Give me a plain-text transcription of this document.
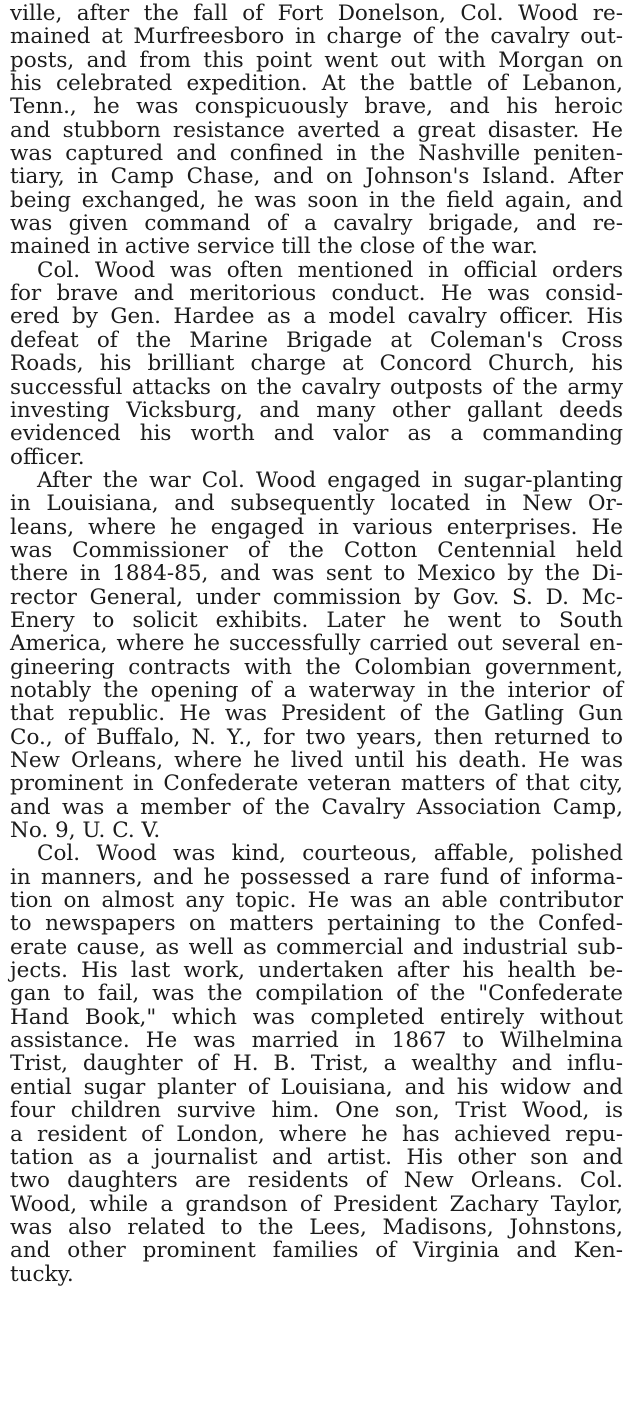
ville, after the fall of Fort Donelson, Col. Wood re-
mained at Murfreesboro in charge of the cavalry out-
posts, and from this point went out with Morgan on
his celebrated expedition. At the battle of Lebanon,
Tenn., he was conspicuously brave, and his heroic
and stubborn resistance averted a great disaster. He
was captured and confined in the Nashville peniten-
tiary, in Camp Chase, and on Johnson's Island. After
being exchanged, he was soon in the field again, and
was given command of a cavalry brigade, and re-
mained in active service till the close of the war.
Col. Wood was often mentioned in official orders
for brave and meritorious conduct. He was consid-
ered by Gen. Hardee as a model cavalry officer. His
defeat of the Marine Brigade at Coleman's Cross
Roads, his brilliant charge at Concord Church, his
successful attacks on the cavalry outposts of the army
investing Vicksburg, and many other gallant deeds
evidenced his worth and valor as a commanding
officer.
After the war Col. Wood engaged in sugar-planting
in Louisiana, and subsequently located in New Or-
leans, where he engaged in various enterprises. He
was Commissioner of the Cotton Centennial held
there in 1884-85, and was sent to Mexico by the Di-
rector General, under commission by Gov. S. D. Mc-
Enery to solicit exhibits. Later he went to South
America, where he successfully carried out several en-
gineering contracts with the Colombian government,
notably the opening of a waterway in the interior of
that republic. He was President of the Gatling Gun
Co., of Buffalo, N. Y., for two years, then returned to
New Orleans, where he lived until his death. He was
prominent in Confederate veteran matters of that city,
and was a member of the Cavalry Association Camp,
No. 9, U. C. V.
Col. Wood was kind, courteous, affable, polished
in manners, and he possessed a rare fund of informa-
tion on almost any topic. He was an able contributor
to newspapers on matters pertaining to the Confed-
erate cause, as well as commercial and industrial sub-
jects. His last work, undertaken after his health be-
gan to fail, was the compilation of the "Confederate
Hand Book," which was completed entirely without
assistance. He was married in 1867 to Wilhelmina
Trist, daughter of H. B. Trist, a wealthy and influ-
ential sugar planter of Louisiana, and his widow and
four children survive him. One son, Trist Wood, is
a resident of London, where he has achieved repu-
tation as a journalist and artist. His other son and
two daughters are residents of New Orleans. Col.
Wood, while a grandson of President Zachary Taylor,
was also related to the Lees, Madisons, Johnstons,
and other prominent families of Virginia and Ken-
tucky.
